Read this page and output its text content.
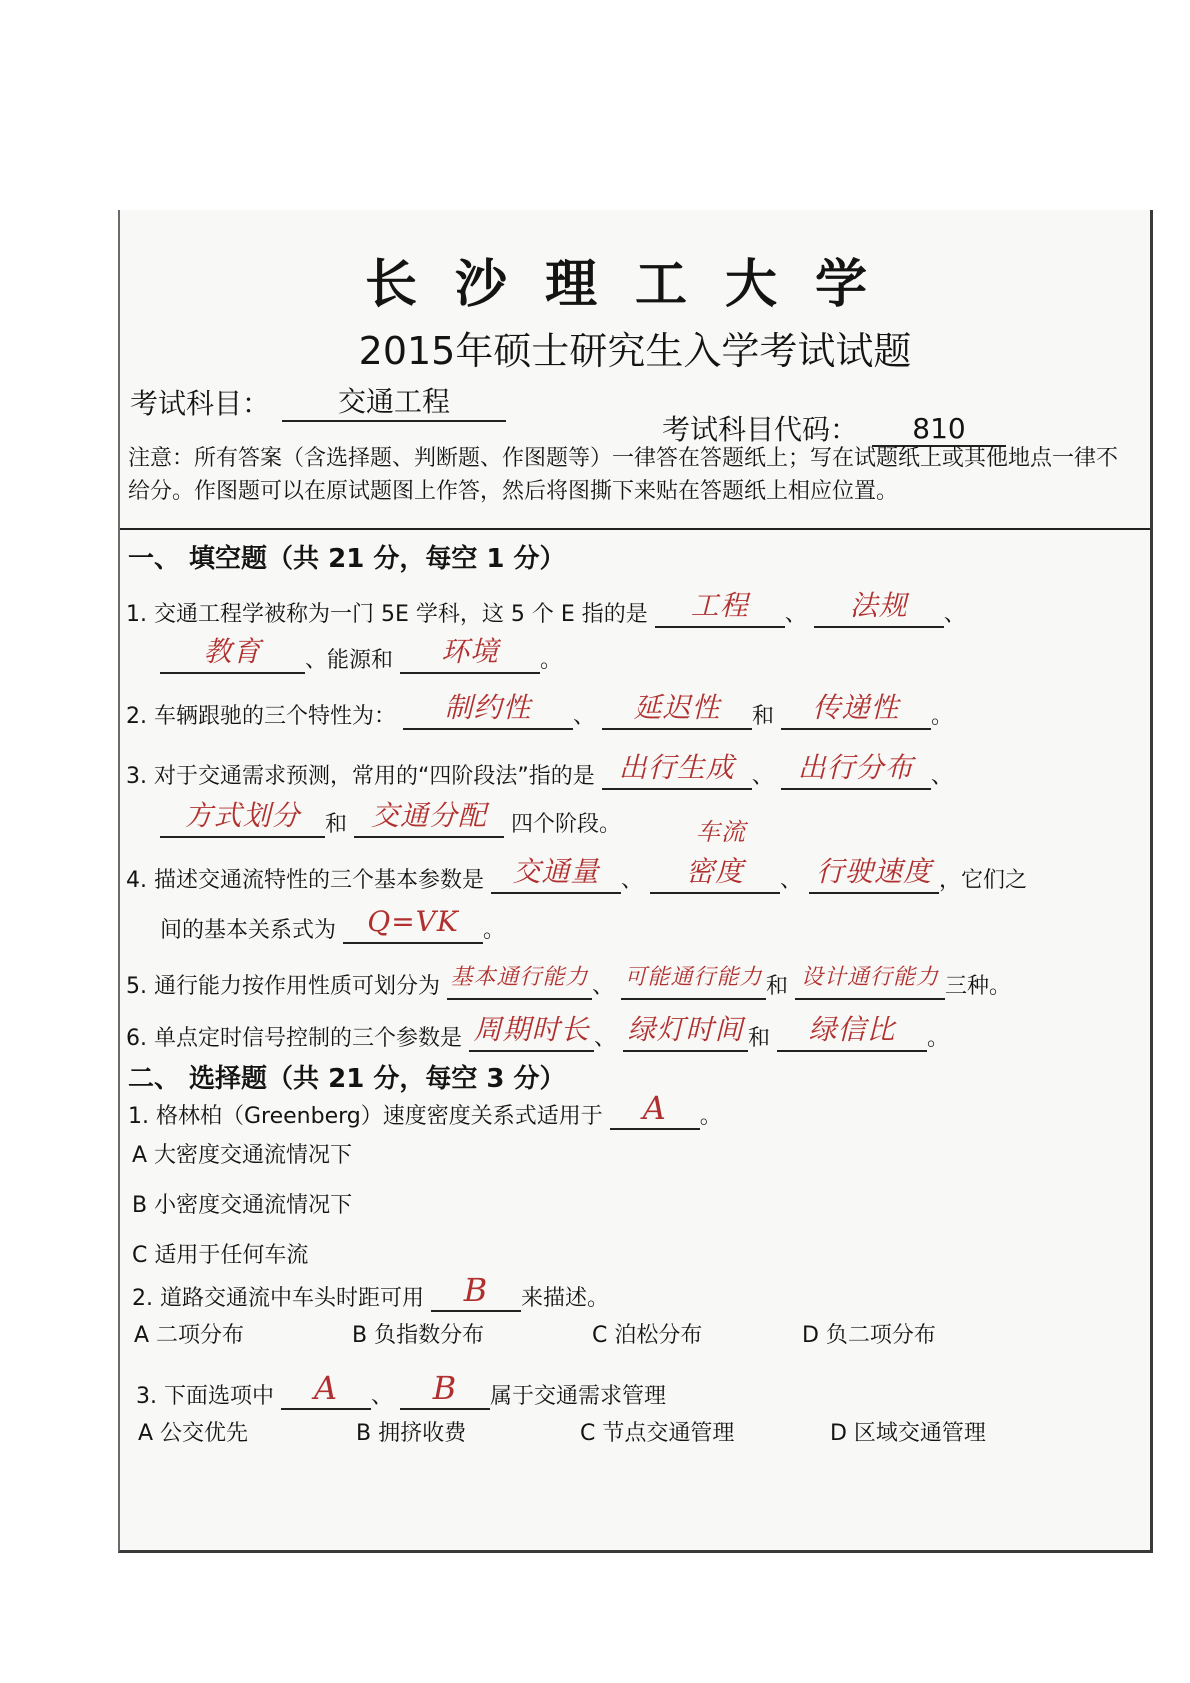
长沙理工大学
2015年硕士研究生入学考试试题
考试科目：	交通工程
考试科目代码：	810
注意：所有答案（含选择题、判断题、作图题等）一律答在答题纸上；写在试题纸上或其他地点一律不给分。作图题可以在原试题图上作答，然后将图撕下来贴在答题纸上相应位置。
一、 填空题（共 21 分，每空 1 分）
1. 交通工程学被称为一门 5E 学科，这 5 个 E 指的是 工程 、 法规 、
教育 、能源和 环境 。
2. 车辆跟驰的三个特性为： 制约性 、 延迟性 和 传递性 。
3. 对于交通需求预测，常用的“四阶段法”指的是 出行生成 、 出行分布 、
方式划分 和 交通分配 四个阶段。	车流
4. 描述交通流特性的三个基本参数是 交通量 、 密度 、 行驶速度 ，它们之
间的基本关系式为 Q=VK 。
5. 通行能力按作用性质可划分为 基本通行能力 、 可能通行能力 和 设计通行能力 三种。
6. 单点定时信号控制的三个参数是 周期时长 、 绿灯时间 和 绿信比 。
二、 选择题（共 21 分，每空 3 分）
1. 格林柏（Greenberg）速度密度关系式适用于 A 。
A 大密度交通流情况下
B 小密度交通流情况下
C 适用于任何车流
2. 道路交通流中车头时距可用 B 来描述。
A 二项分布	B 负指数分布	C 泊松分布	D 负二项分布
3. 下面选项中 A 、 B 属于交通需求管理
A 公交优先	B 拥挤收费	C 节点交通管理	D 区域交通管理
